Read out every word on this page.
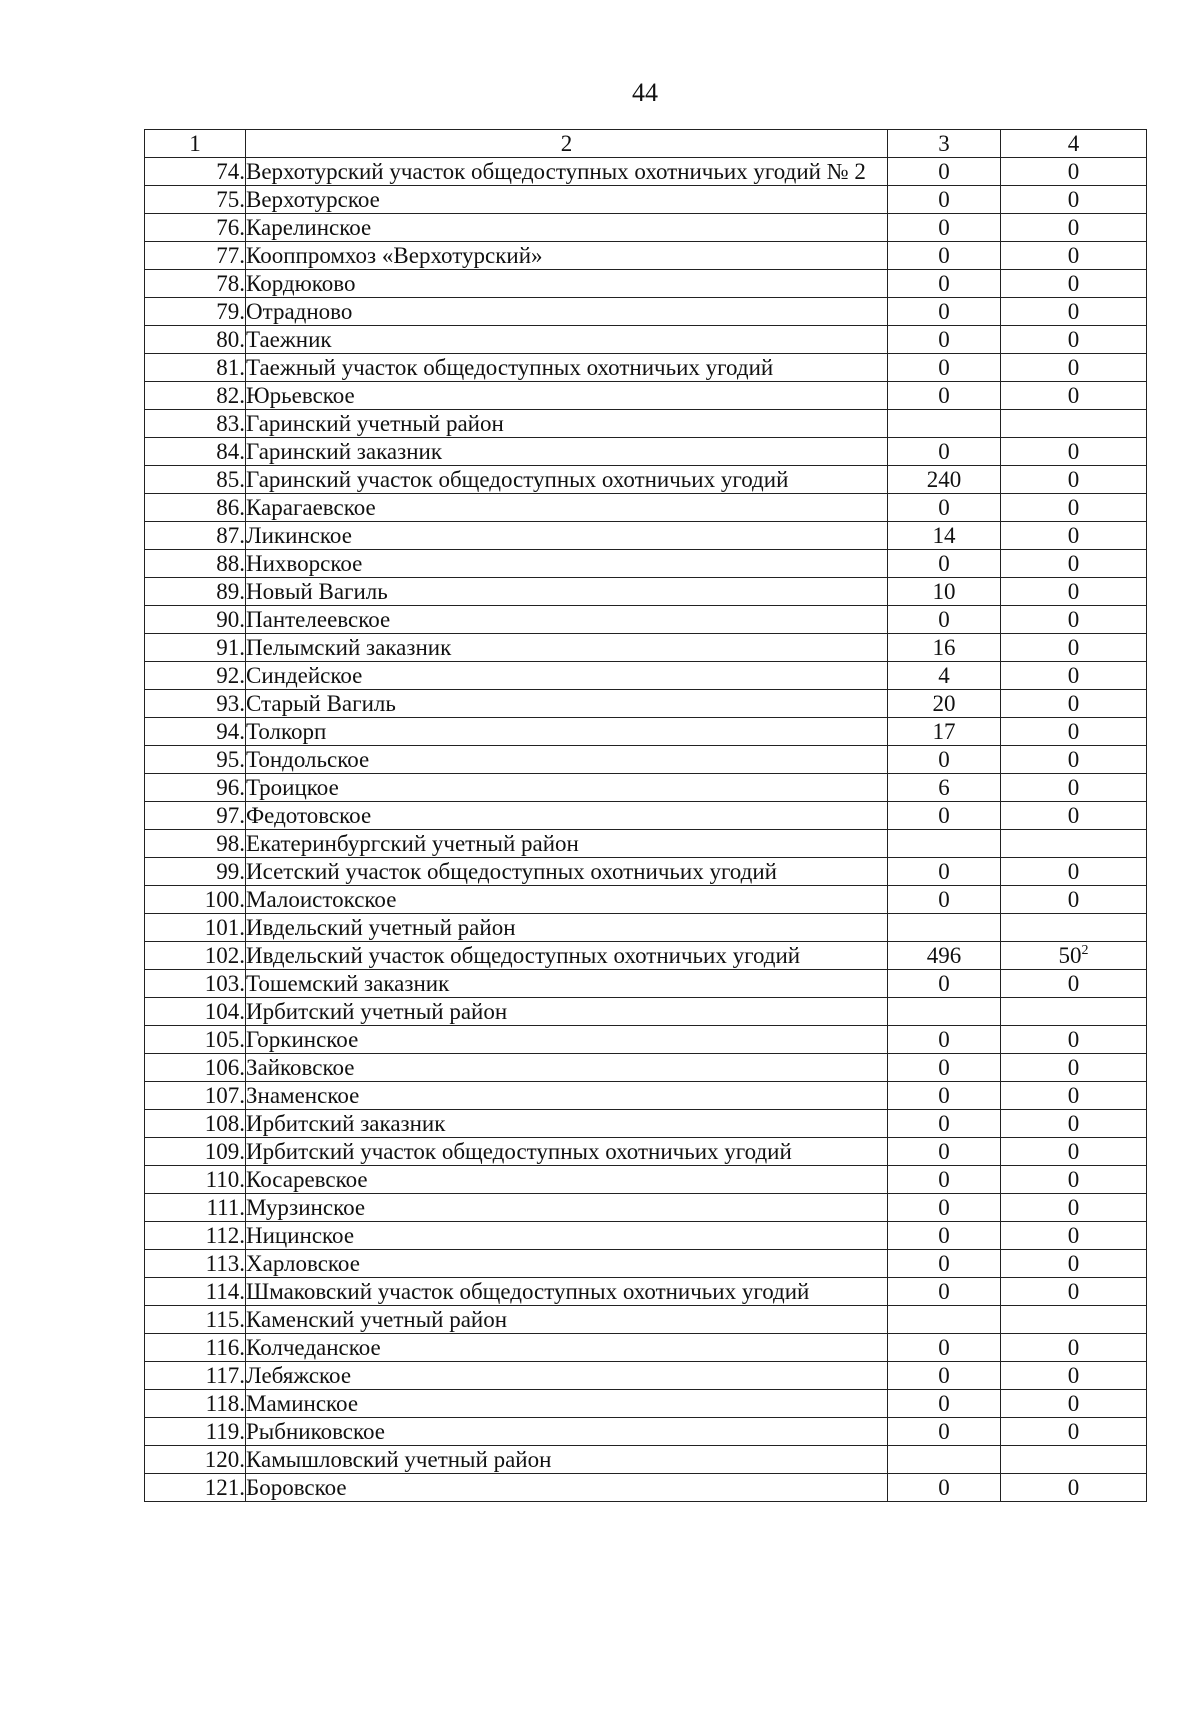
44
1	2	3	4
74.	Верхотурский участок общедоступных охотничьих угодий № 2	0	0
75.	Верхотурское	0	0
76.	Карелинское	0	0
77.	Кооппромхоз «Верхотурский»	0	0
78.	Кордюково	0	0
79.	Отрадново	0	0
80.	Таежник	0	0
81.	Таежный участок общедоступных охотничьих угодий	0	0
82.	Юрьевское	0	0
83.	Гаринский учетный район		
84.	Гаринский заказник	0	0
85.	Гаринский участок общедоступных охотничьих угодий	240	0
86.	Карагаевское	0	0
87.	Ликинское	14	0
88.	Нихворское	0	0
89.	Новый Вагиль	10	0
90.	Пантелеевское	0	0
91.	Пелымский заказник	16	0
92.	Синдейское	4	0
93.	Старый Вагиль	20	0
94.	Толкорп	17	0
95.	Тондольское	0	0
96.	Троицкое	6	0
97.	Федотовское	0	0
98.	Екатеринбургский учетный район		
99.	Исетский участок общедоступных охотничьих угодий	0	0
100.	Малоистокское	0	0
101.	Ивдельский учетный район		
102.	Ивдельский участок общедоступных охотничьих угодий	496	$50^2$
103.	Тошемский заказник	0	0
104.	Ирбитский учетный район		
105.	Горкинское	0	0
106.	Зайковское	0	0
107.	Знаменское	0	0
108.	Ирбитский заказник	0	0
109.	Ирбитский участок общедоступных охотничьих угодий	0	0
110.	Косаревское	0	0
111.	Мурзинское	0	0
112.	Ницинское	0	0
113.	Харловское	0	0
114.	Шмаковский участок общедоступных охотничьих угодий	0	0
115.	Каменский учетный район		
116.	Колчеданское	0	0
117.	Лебяжское	0	0
118.	Маминское	0	0
119.	Рыбниковское	0	0
120.	Камышловский учетный район		
121.	Боровское	0	0
